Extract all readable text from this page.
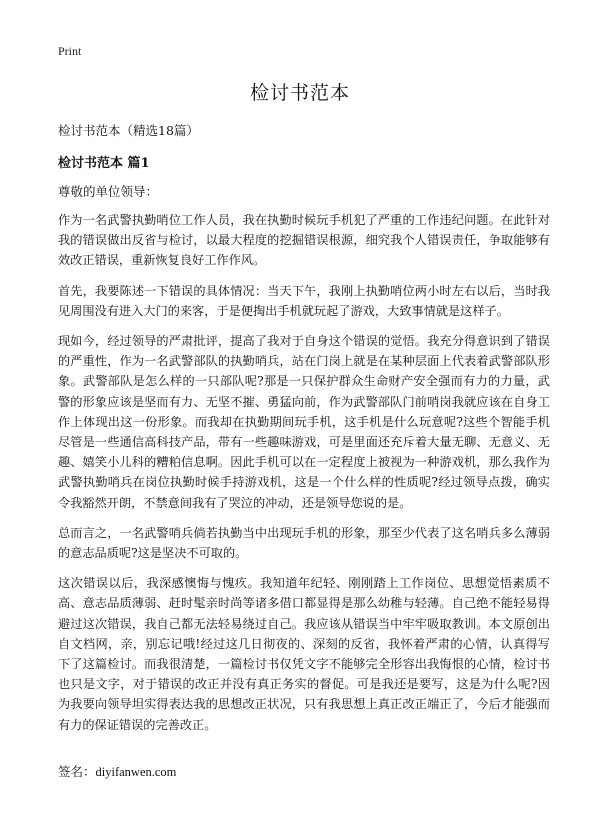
Print
检讨书范本
检讨书范本（精选18篇）
检讨书范本 篇1
尊敬的单位领导：

作为一名武警执勤哨位工作人员，我在执勤时候玩手机犯了严重的工作违纪问题。在此针对我的错误做出反省与检讨，以最大程度的挖掘错误根源，细究我个人错误责任，争取能够有效改正错误，重新恢复良好工作作风。

首先，我要陈述一下错误的具体情况：当天下午，我刚上执勤哨位两小时左右以后，当时我见周围没有进入大门的来客，于是便掏出手机就玩起了游戏，大致事情就是这样子。

现如今，经过领导的严肃批评，提高了我对于自身这个错误的觉悟。我充分得意识到了错误的严重性，作为一名武警部队的执勤哨兵，站在门岗上就是在某种层面上代表着武警部队形象。武警部队是怎么样的一只部队呢?那是一只保护群众生命财产安全强而有力的力量，武警的形象应该是坚而有力、无坚不摧、勇猛向前，作为武警部队门前哨岗我就应该在自身工作上体现出这一份形象。而我却在执勤期间玩手机，这手机是什么玩意呢?这些个智能手机尽管是一些通信高科技产品，带有一些趣味游戏，可是里面还充斥着大量无聊、无意义、无趣、嬉笑小儿科的糟粕信息啊。因此手机可以在一定程度上被视为一种游戏机，那么我作为武警执勤哨兵在岗位执勤时候手持游戏机，这是一个什么样的性质呢?经过领导点拨，确实令我豁然开朗，不禁意间我有了哭泣的冲动，还是领导您说的是。

总而言之，一名武警哨兵倘若执勤当中出现玩手机的形象，那至少代表了这名哨兵多么薄弱的意志品质呢?这是坚决不可取的。

这次错误以后，我深感懊悔与愧疚。我知道年纪轻、刚刚踏上工作岗位、思想觉悟素质不高、意志品质薄弱、赶时髦亲时尚等诸多借口都显得是那么幼稚与轻薄。自己绝不能轻易得避过这次错误，我自己都无法轻易绕过自己。我应该从错误当中牢牢吸取教训。本文原创出自文档网，亲，别忘记哦!经过这几日彻夜的、深刻的反省，我怀着严肃的心情，认真得写下了这篇检讨。而我很清楚，一篇检讨书仅凭文字不能够完全形容出我悔恨的心情，检讨书也只是文字，对于错误的改正并没有真正务实的督促。可是我还是要写，这是为什么呢?因为我要向领导坦实得表达我的思想改正状况，只有我思想上真正改正端正了，今后才能强而有力的保证错误的完善改正。

签名：diyifanwen.com
